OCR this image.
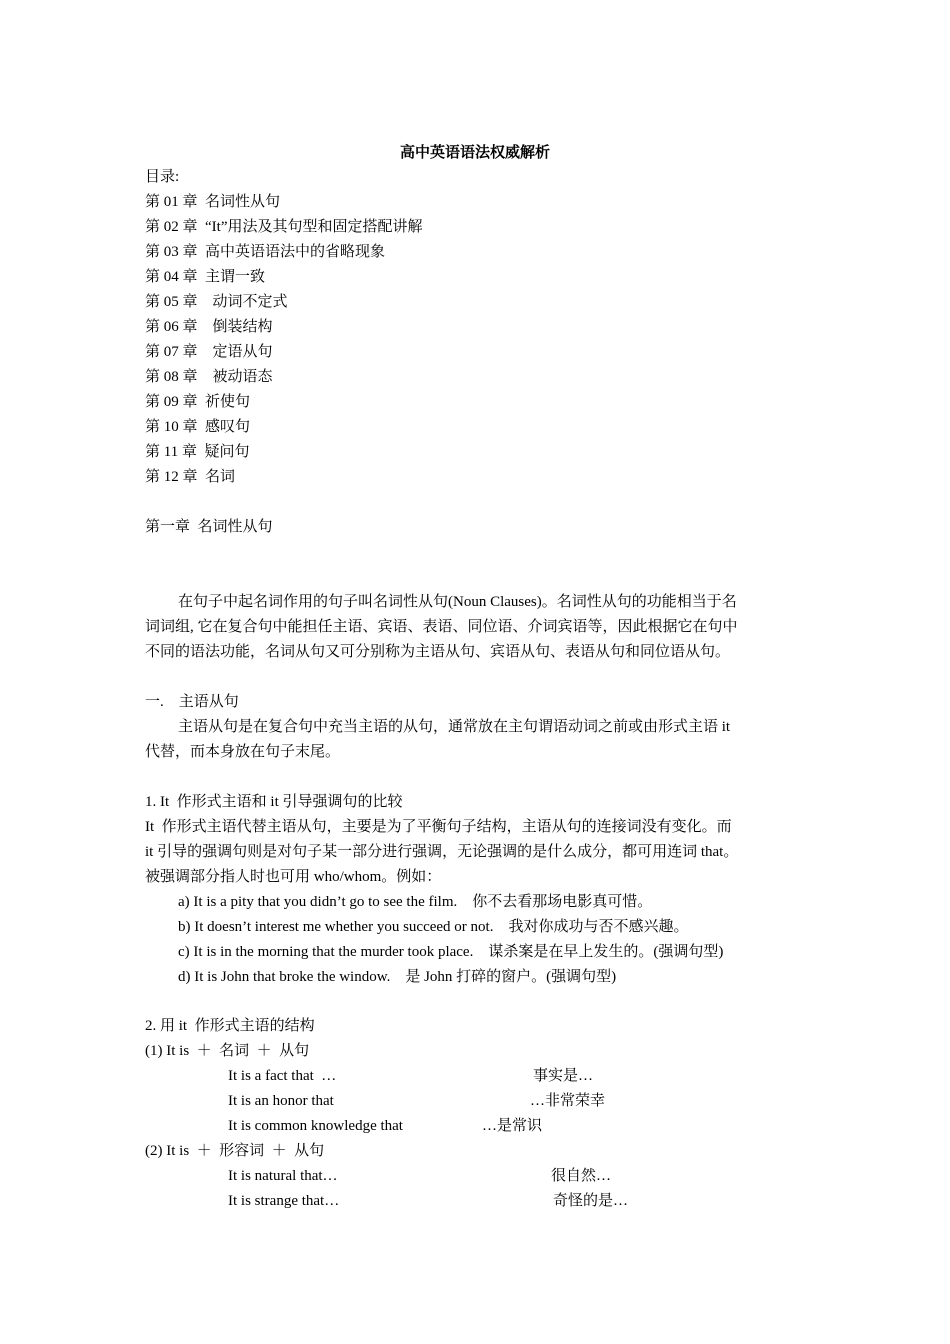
高中英语语法权威解析
目录:
第 01 章  名词性从句
第 02 章  “It”用法及其句型和固定搭配讲解
第 03 章  高中英语语法中的省略现象
第 04 章  主谓一致
第 05 章    动词不定式
第 06 章    倒装结构
第 07 章    定语从句
第 08 章    被动语态
第 09 章  祈使句
第 10 章  感叹句
第 11 章  疑问句
第 12 章  名词
第一章  名词性从句
在句子中起名词作用的句子叫名词性从句(Noun Clauses)。名词性从句的功能相当于名
词词组, 它在复合句中能担任主语、宾语、表语、同位语、介词宾语等，因此根据它在句中
不同的语法功能，名词从句又可分别称为主语从句、宾语从句、表语从句和同位语从句。
一.    主语从句
主语从句是在复合句中充当主语的从句，通常放在主句谓语动词之前或由形式主语 it
代替，而本身放在句子末尾。
1. It  作形式主语和 it 引导强调句的比较
It  作形式主语代替主语从句，主要是为了平衡句子结构，主语从句的连接词没有变化。而
it 引导的强调句则是对句子某一部分进行强调，无论强调的是什么成分，都可用连词 that。
被强调部分指人时也可用 who/whom。例如：
a) It is a pity that you didn’t go to see the film.    你不去看那场电影真可惜。
b) It doesn’t interest me whether you succeed or not.    我对你成功与否不感兴趣。
c) It is in the morning that the murder took place.    谋杀案是在早上发生的。(强调句型)
d) It is John that broke the window.    是 John 打碎的窗户。(强调句型)
2. 用 it  作形式主语的结构
(1) It is  ＋  名词  ＋  从句
It is a fact that  …	事实是…
It is an honor that	…非常荣幸
It is common knowledge that	…是常识
(2) It is  ＋  形容词  ＋  从句
It is natural that…	很自然…
It is strange that…	奇怪的是…
